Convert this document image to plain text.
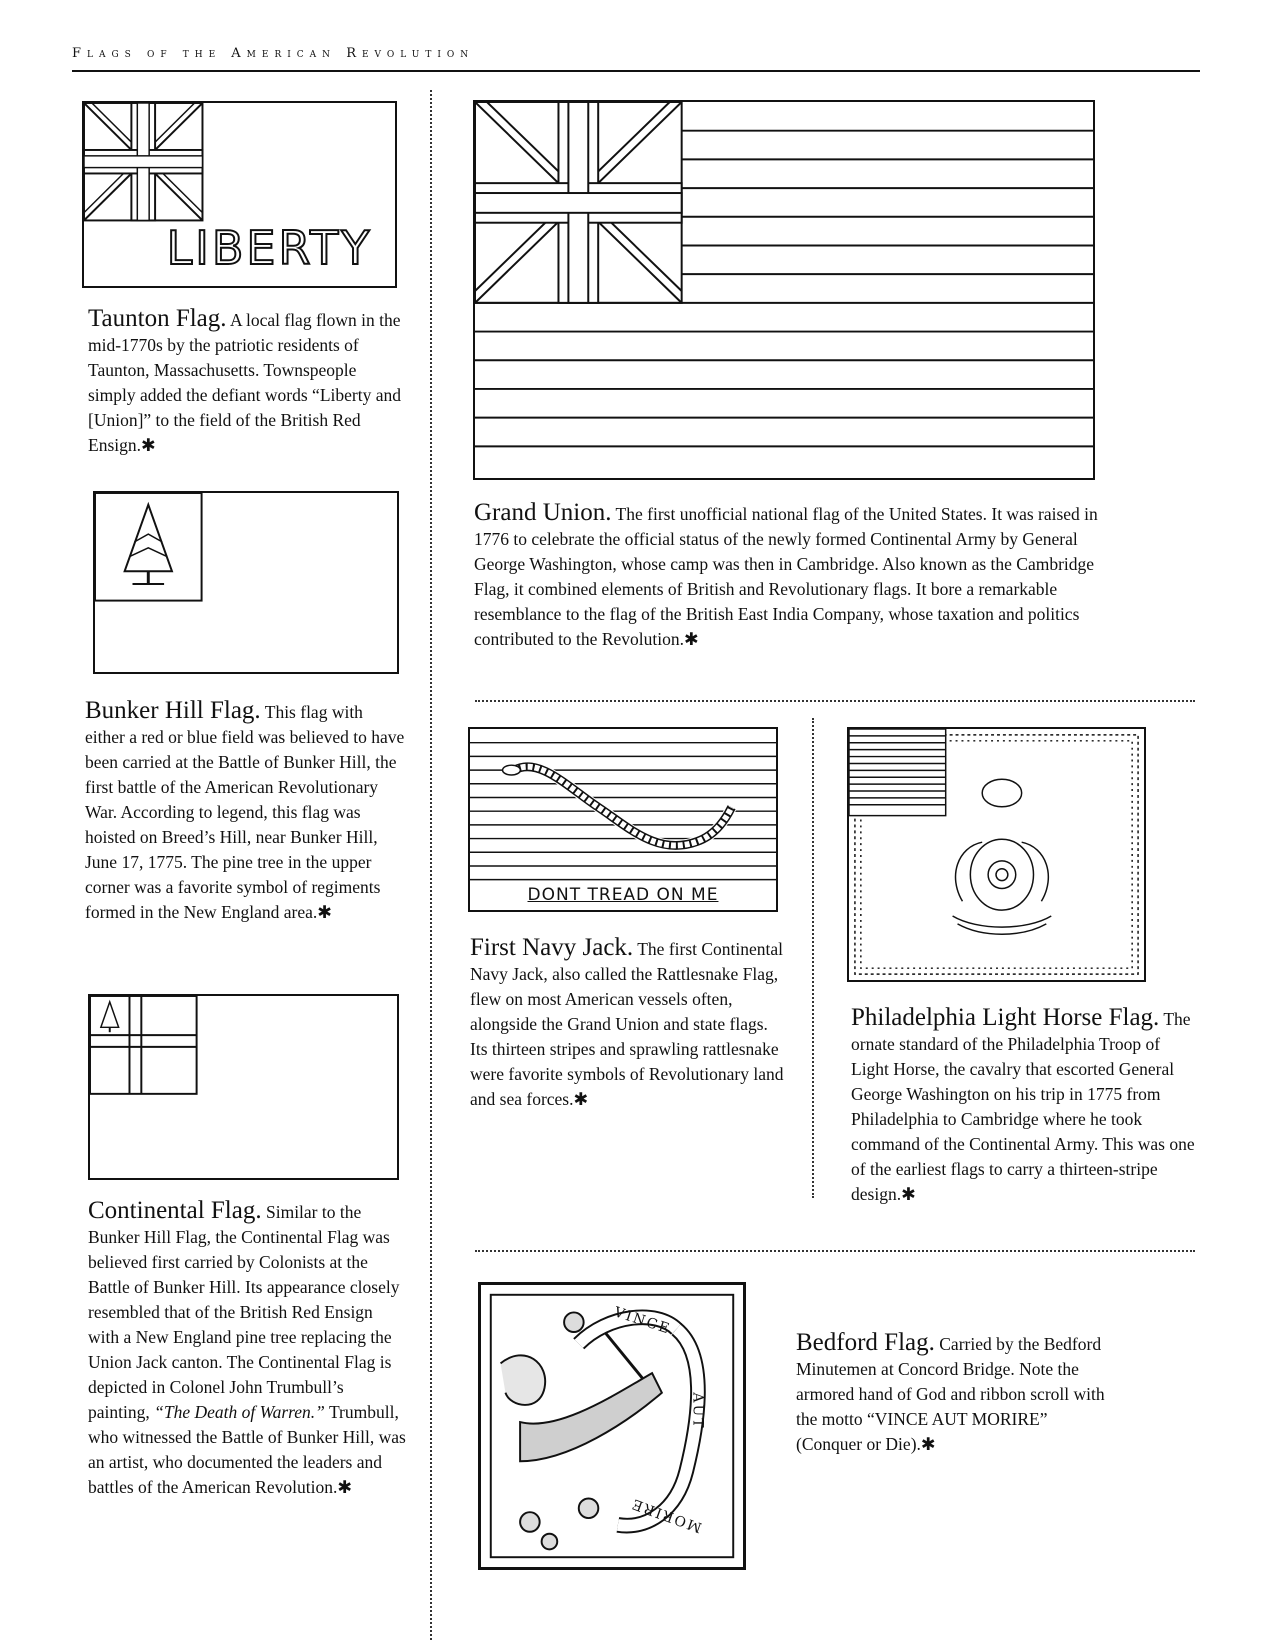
Flags of the American Revolution
LIBERTY
Taunton Flag. A local flag flown in the mid-1770s by the patriotic residents of Taunton, Massachusetts. Townspeople simply added the defiant words “Liberty and [Union]” to the field of the British Red Ensign.✱
Bunker Hill Flag. This flag with either a red or blue field was believed to have been carried at the Battle of Bunker Hill, the first battle of the American Revolutionary War. According to legend, this flag was hoisted on Breed’s Hill, near Bunker Hill, June 17, 1775. The pine tree in the upper corner was a favorite symbol of regiments formed in the New England area.✱
Continental Flag. Similar to the Bunker Hill Flag, the Continental Flag was believed first carried by Colonists at the Battle of Bunker Hill. Its appearance closely resembled that of the British Red Ensign with a New England pine tree replacing the Union Jack canton. The Continental Flag is depicted in Colonel John Trumbull’s painting, “The Death of Warren.” Trumbull, who witnessed the Battle of Bunker Hill, was an artist, who documented the leaders and battles of the American Revolution.✱
Grand Union. The first unofficial national flag of the United States. It was raised in 1776 to celebrate the official status of the newly formed Continental Army by General George Washington, whose camp was then in Cambridge. Also known as the Cambridge Flag, it combined elements of British and Revolutionary flags. It bore a remarkable resemblance to the flag of the British East India Company, whose taxation and politics contributed to the Revolution.✱
DONT TREAD ON ME
First Navy Jack. The first Continental Navy Jack, also called the Rattlesnake Flag, flew on most American vessels often, alongside the Grand Union and state flags. Its thirteen stripes and sprawling rattlesnake were favorite symbols of Revolutionary land and sea forces.✱
Philadelphia Light Horse Flag. The ornate standard of the Philadelphia Troop of Light Horse, the cavalry that escorted General George Washington on his trip in 1775 from Philadelphia to Cambridge where he took command of the Continental Army. This was one of the earliest flags to carry a thirteen-stripe design.✱
VINCE
AUT
MORIRE
Bedford Flag. Carried by the Bedford Minutemen at Concord Bridge. Note the armored hand of God and ribbon scroll with the motto “VINCE AUT MORIRE” (Conquer or Die).✱
